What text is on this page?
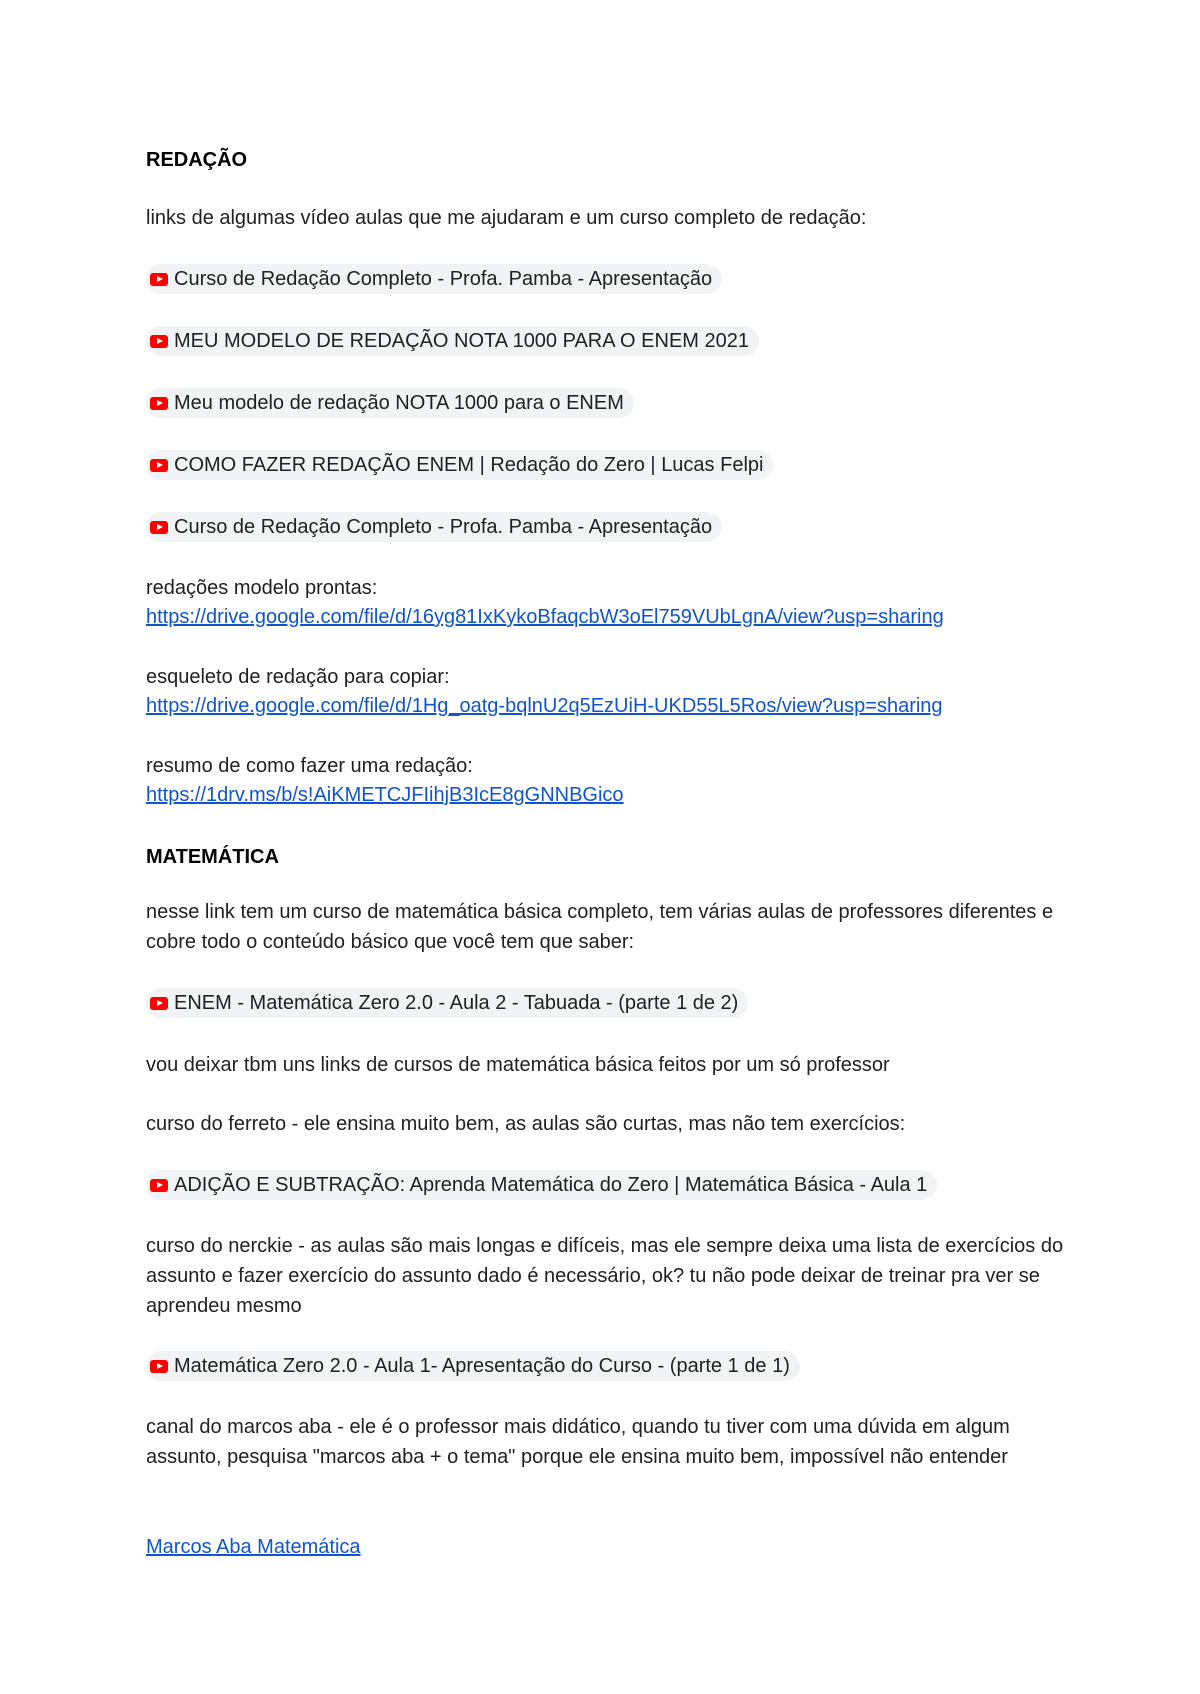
REDAÇÃO
links de algumas vídeo aulas que me ajudaram e um curso completo de redação:
Curso de Redação Completo - Profa. Pamba - Apresentação
MEU MODELO DE REDAÇÃO NOTA 1000 PARA O ENEM 2021
Meu modelo de redação NOTA 1000 para o ENEM
COMO FAZER REDAÇÃO ENEM | Redação do Zero | Lucas Felpi
Curso de Redação Completo - Profa. Pamba - Apresentação
redações modelo prontas:
https://drive.google.com/file/d/16yg81IxKykoBfaqcbW3oEl759VUbLgnA/view?usp=sharing
esqueleto de redação para copiar:
https://drive.google.com/file/d/1Hg_oatg-bqlnU2q5EzUiH-UKD55L5Ros/view?usp=sharing
resumo de como fazer uma redação:
https://1drv.ms/b/s!AiKMETCJFIihjB3IcE8gGNNBGico
MATEMÁTICA
nesse link tem um curso de matemática básica completo, tem várias aulas de professores diferentes e cobre todo o conteúdo básico que você tem que saber:
ENEM - Matemática Zero 2.0 - Aula 2 - Tabuada - (parte 1 de 2)
vou deixar tbm uns links de cursos de matemática básica feitos por um só professor
curso do ferreto - ele ensina muito bem, as aulas são curtas, mas não tem exercícios:
ADIÇÃO E SUBTRAÇÃO: Aprenda Matemática do Zero | Matemática Básica - Aula 1
curso do nerckie - as aulas são mais longas e difíceis, mas ele sempre deixa uma lista de exercícios do assunto e fazer exercício do assunto dado é necessário, ok? tu não pode deixar de treinar pra ver se aprendeu mesmo
Matemática Zero 2.0 - Aula 1- Apresentação do Curso - (parte 1 de 1)
canal do marcos aba - ele é o professor mais didático, quando tu tiver com uma dúvida em algum assunto, pesquisa "marcos aba + o tema" porque ele ensina muito bem, impossível não entender
Marcos Aba Matemática
